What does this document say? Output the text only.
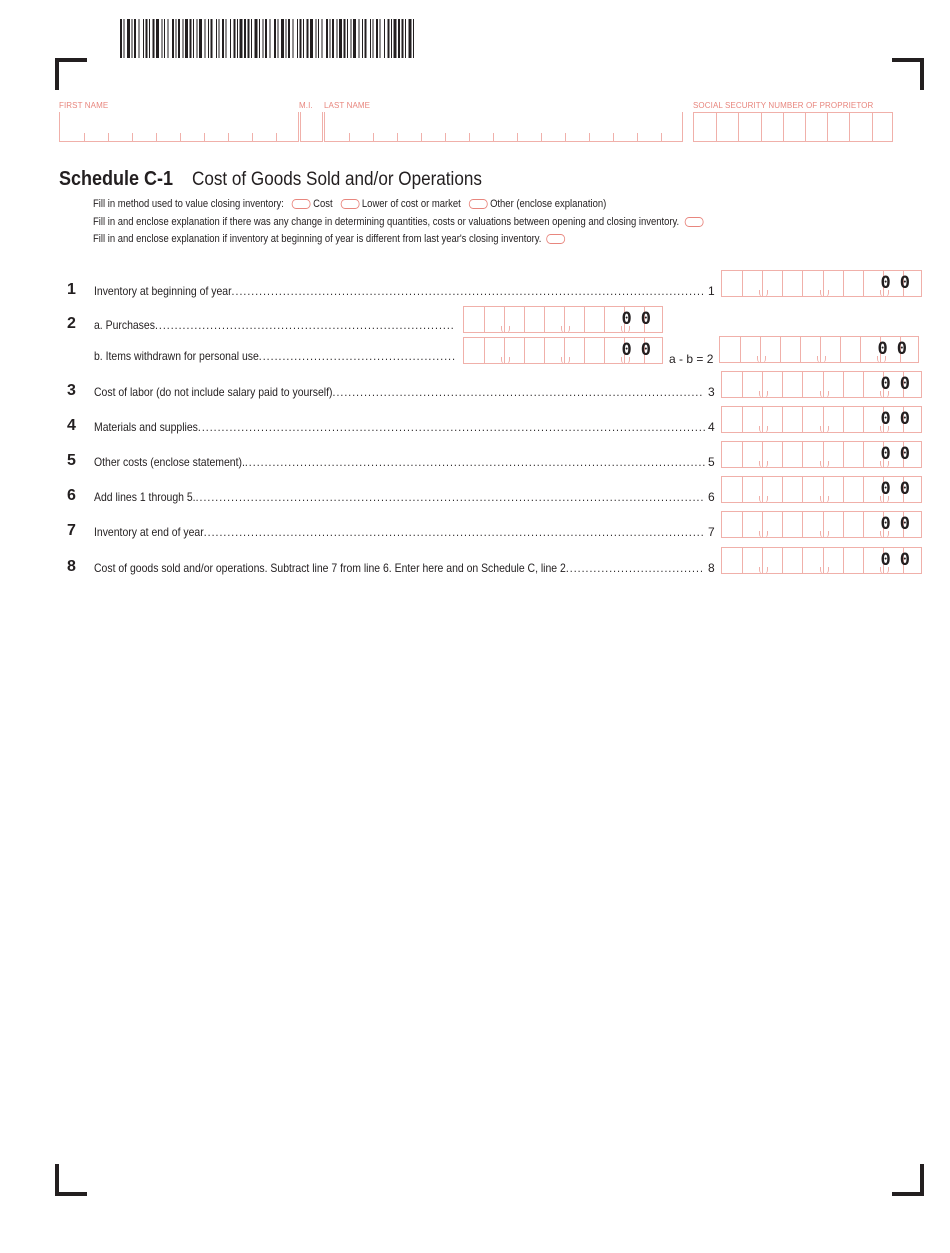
FIRST NAME	M.I. LAST NAME	SOCIAL SECURITY NUMBER OF PROPRIETOR
Schedule C-1 Cost of Goods Sold and/or Operations
Fill in method used to value closing inventory:	Cost	Lower of cost or market	Other (enclose explanation)
Fill in and enclose explanation if there was any change in determining quantities, costs or valuations between opening and closing inventory.
Fill in and enclose explanation if inventory at beginning of year is different from last year's closing inventory.
1 Inventory at beginning of year........................................................................................................................ 1	00
2 a. Purchases............................................................................	00
b. Items withdrawn for personal use..................................................	00
3 Cost of labor (do not include salary paid to yourself).............................................................................................. 3	00
4 Materials and supplies................................................................................................................................. 4	00
5 Other costs (enclose statement)...................................................................................................................... 5	00
6 Add lines 1 through 5.................................................................................................................................. 6	00
7 Inventory at end of year............................................................................................................................... 7	00
8 Cost of goods sold and/or operations. Subtract line 7 from line 6. Enter here and on Schedule C, line 2................................... 8	00
a - b = 2	00
